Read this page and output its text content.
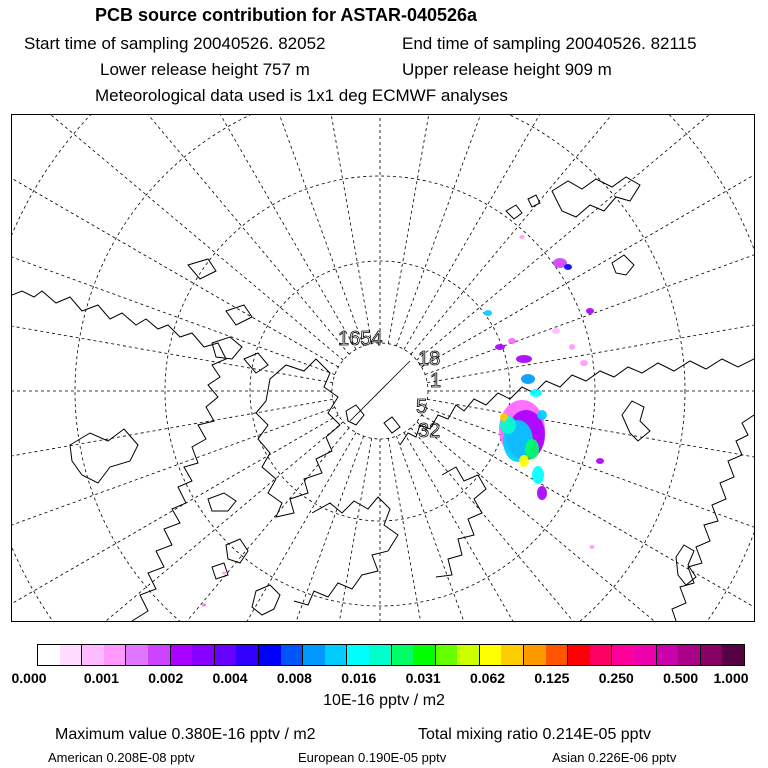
PCB source contribution for ASTAR-040526a
Start time of sampling 20040526. 82052	End time of sampling 20040526. 82115
Lower release height 757 m	Upper release height 909 m
Meteorological data used is 1x1 deg ECMWF analyses
1654
18
1
5
32
0.000	0.001 0.002 0.004 0.008 0.016 0.031 0.062 0.125 0.250 0.500 1.000
10E-16 pptv / m2
Maximum value 0.380E-16 pptv / m2	Total mixing ratio 0.214E-05 pptv
American 0.208E-08 pptv	European 0.190E-05 pptv	Asian 0.226E-06 pptv
